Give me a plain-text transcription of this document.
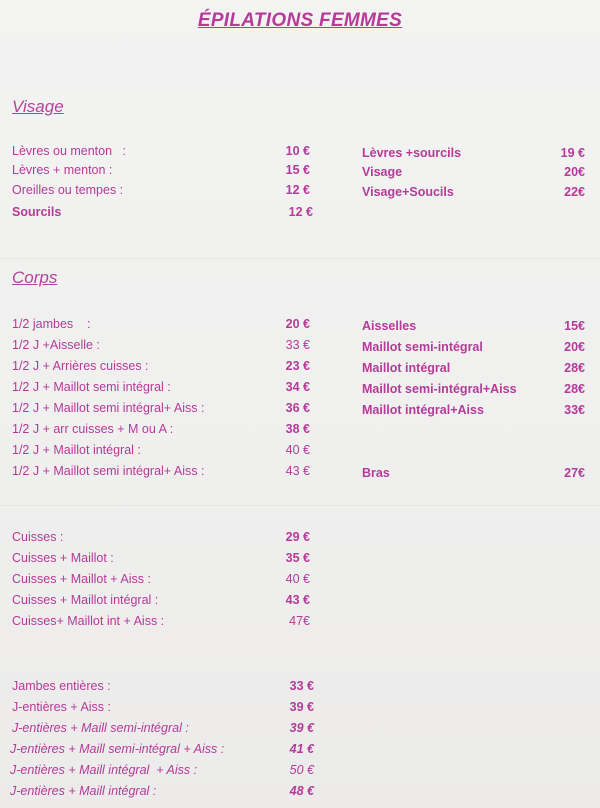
ÉPILATIONS FEMMES
Visage
Corps
Lèvres ou menton   :	10 €
Lèvres + menton :	15 €
Oreilles ou tempes :	12 €
Sourcils	12 €
Lèvres +sourcils	19 €
Visage	20€
Visage+Soucils	22€
1/2 jambes    :	20 €
1/2 J +Aisselle :	33 €
1/2 J + Arrières cuisses :	23 €
1/2 J + Maillot semi intégral :	34 €
1/2 J + Maillot semi intégral+ Aiss :	36 €
1/2 J + arr cuisses + M ou A :	38 €
1/2 J + Maillot intégral :	40 €
1/2 J + Maillot semi intégral+ Aiss :	43 €
Aisselles	15€
Maillot semi-intégral	20€
Maillot intégral	28€
Maillot semi-intégral+Aiss	28€
Maillot intégral+Aiss	33€
Bras	27€
Cuisses :	29 €
Cuisses + Maillot :	35 €
Cuisses + Maillot + Aiss :	40 €
Cuisses + Maillot intégral :	43 €
Cuisses+ Maillot int + Aiss :	47€
Jambes entières :	33 €
J-entières + Aiss :	39 €
J-entières + Maill semi-intégral :	39 €
J-entières + Maill semi-intégral + Aiss :	41 €
J-entières + Maill intégral  + Aiss :	50 €
J-entières + Maill intégral :	48 €
